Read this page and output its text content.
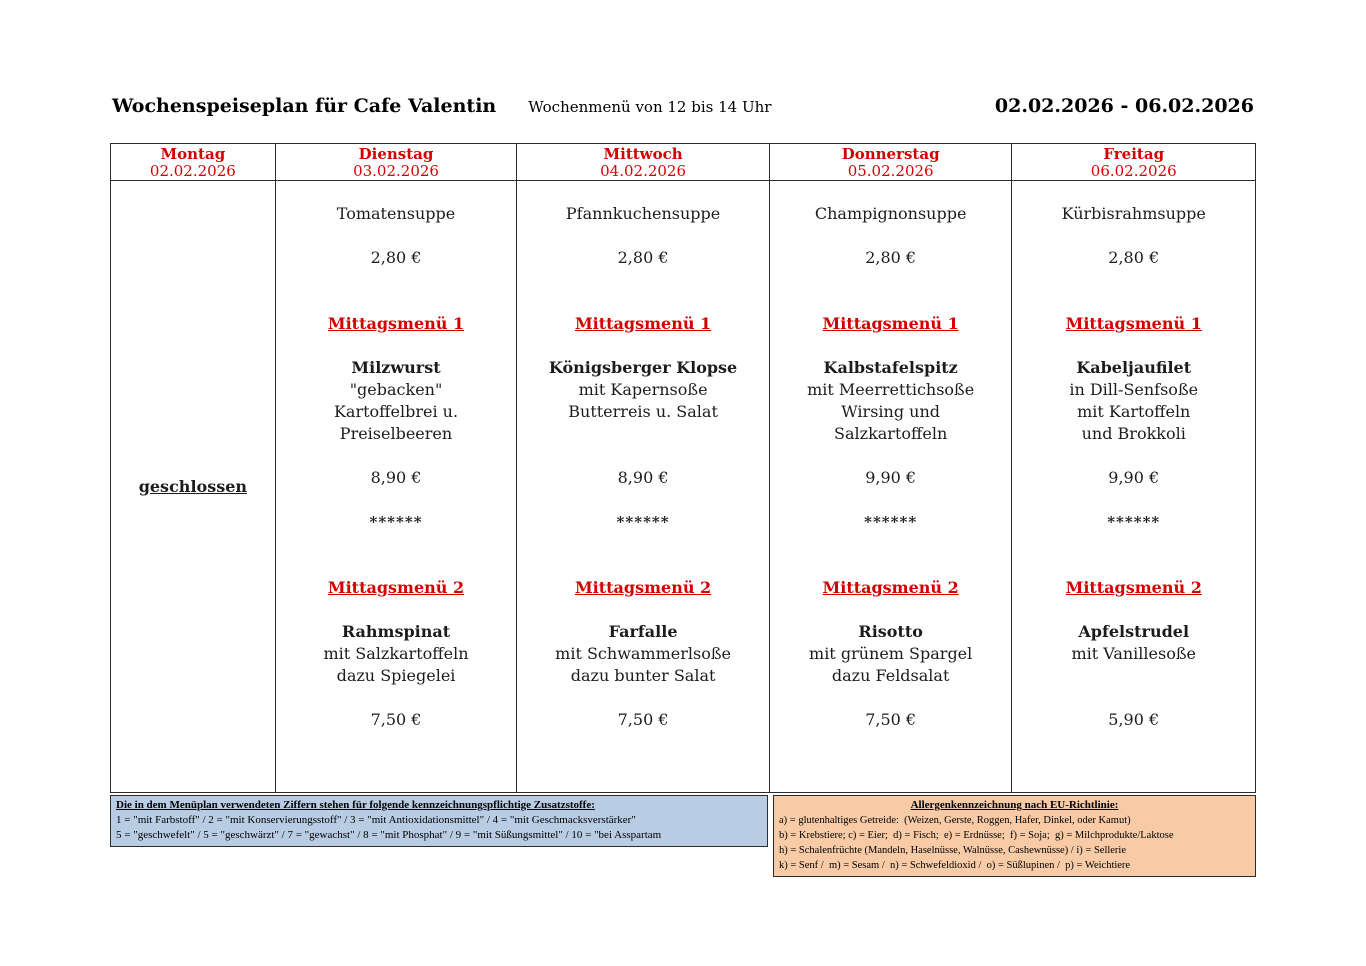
Wochenspeiseplan für Cafe Valentin Wochenmenü von 12 bis 14 Uhr	02.02.2026 - 06.02.2026
Montag
02.02.2026
geschlossen
Dienstag
03.02.2026
Tomatensuppe
2,80 €
Mittagsmenü 1
Milzwurst
"gebacken"
Kartoffelbrei u.
Preiselbeeren
8,90 €
******
Mittagsmenü 2
Rahmspinat
mit Salzkartoffeln
dazu Spiegelei
7,50 €
Mittwoch
04.02.2026
Pfannkuchensuppe
2,80 €
Mittagsmenü 1
Königsberger Klopse
mit Kapernsoße
Butterreis u. Salat
8,90 €
******
Mittagsmenü 2
Farfalle
mit Schwammerlsoße
dazu bunter Salat
7,50 €
Donnerstag
05.02.2026
Champignonsuppe
2,80 €
Mittagsmenü 1
Kalbstafelspitz
mit Meerrettichsoße
Wirsing und
Salzkartoffeln
9,90 €
******
Mittagsmenü 2
Risotto
mit grünem Spargel
dazu Feldsalat
7,50 €
Freitag
06.02.2026
Kürbisrahmsuppe
2,80 €
Mittagsmenü 1
Kabeljaufilet
in Dill-Senfsoße
mit Kartoffeln
und Brokkoli
9,90 €
******
Mittagsmenü 2
Apfelstrudel
mit Vanillesoße
5,90 €
Die in dem Menüplan verwendeten Ziffern stehen für folgende kennzeichnungspflichtige Zusatzstoffe:
1 = "mit Farbstoff" / 2 = "mit Konservierungsstoff" / 3 = "mit Antioxidationsmittel" / 4 = "mit Geschmacksverstärker"
5 = "geschwefelt" / 5 = "geschwärzt" / 7 = "gewachst" / 8 = "mit Phosphat" / 9 = "mit Süßungsmittel" / 10 = "bei Asspartam
Allergenkennzeichnung nach EU-Richtlinie:
a) = glutenhaltiges Getreide:  (Weizen, Gerste, Roggen, Hafer, Dinkel, oder Kamut)
b) = Krebstiere; c) = Eier;  d) = Fisch;  e) = Erdnüsse;  f) = Soja;  g) = Milchprodukte/Laktose
h) = Schalenfrüchte (Mandeln, Haselnüsse, Walnüsse, Cashewnüsse) / i) = Sellerie
k) = Senf /  m) = Sesam /  n) = Schwefeldioxid /  o) = Süßlupinen /  p) = Weichtiere
